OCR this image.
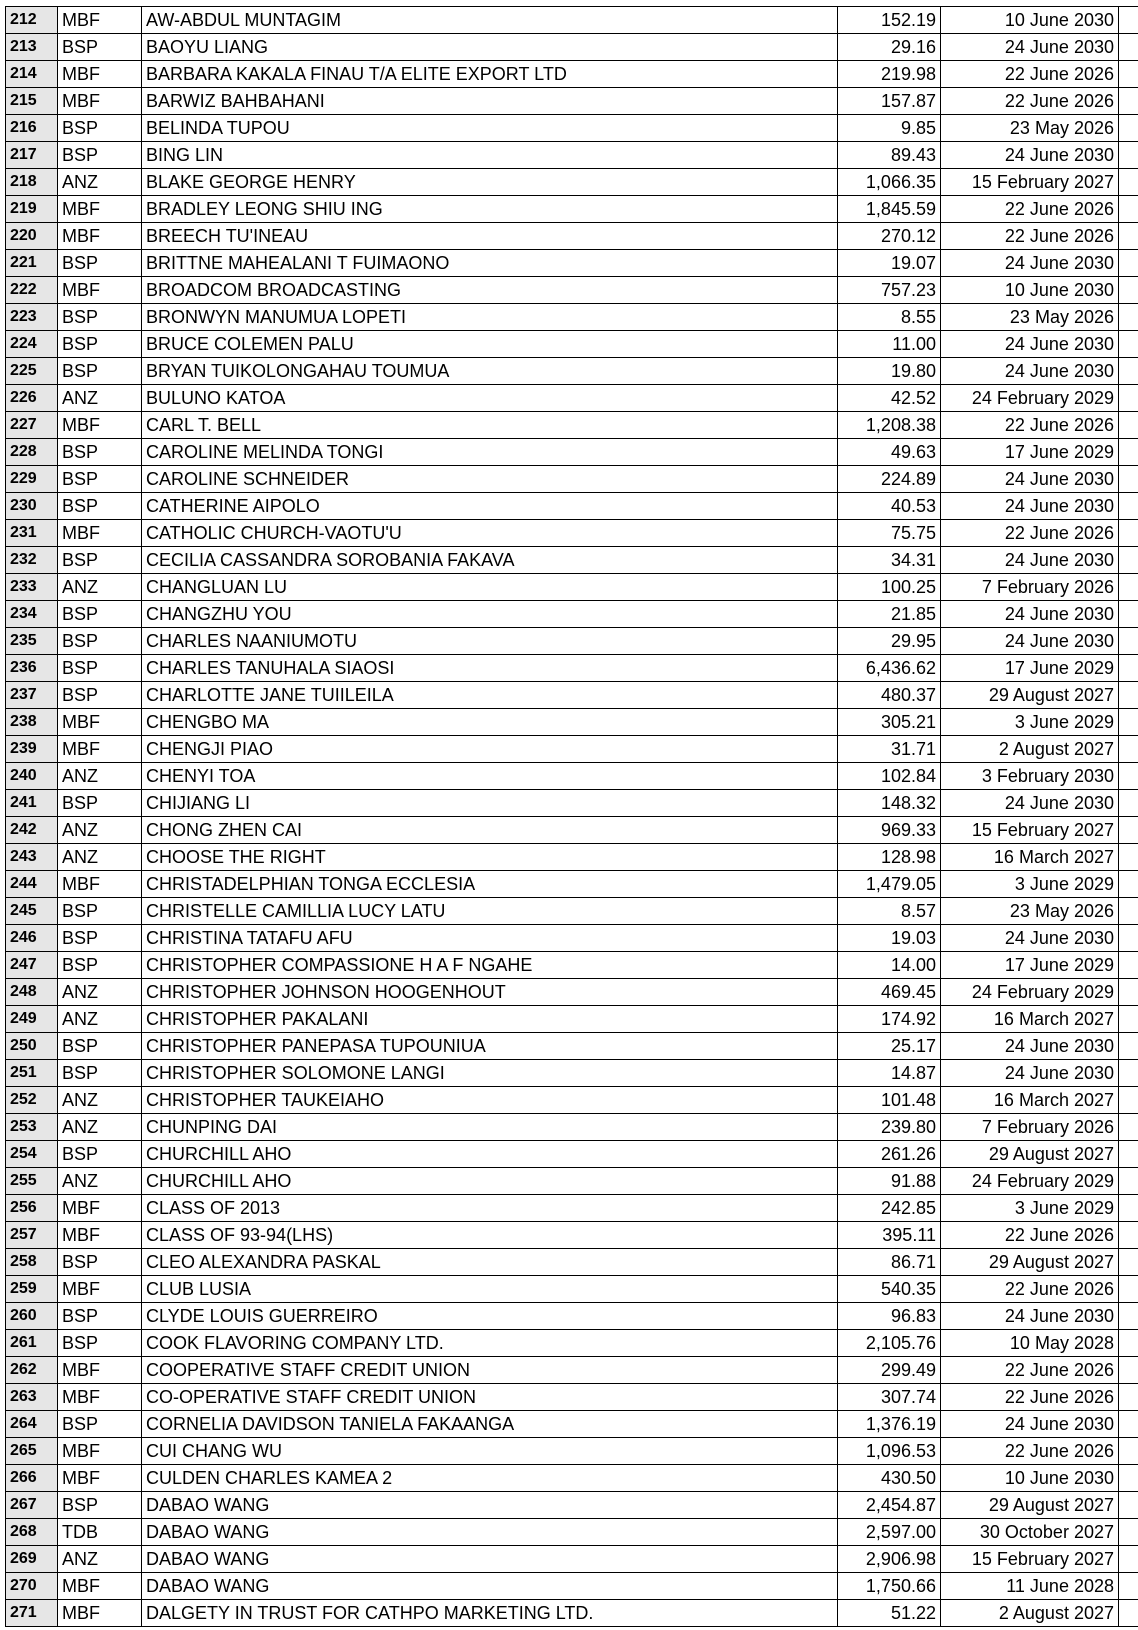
212	MBF	AW-ABDUL MUNTAGIM	152.19	10 June 2030	
213	BSP	BAOYU LIANG	29.16	24 June 2030	
214	MBF	BARBARA KAKALA FINAU T/A ELITE EXPORT LTD	219.98	22 June 2026	
215	MBF	BARWIZ BAHBAHANI	157.87	22 June 2026	
216	BSP	BELINDA TUPOU	9.85	23 May 2026	
217	BSP	BING LIN	89.43	24 June 2030	
218	ANZ	BLAKE GEORGE HENRY	1,066.35	15 February 2027	
219	MBF	BRADLEY LEONG SHIU ING	1,845.59	22 June 2026	
220	MBF	BREECH TU'INEAU	270.12	22 June 2026	
221	BSP	BRITTNE MAHEALANI T FUIMAONO	19.07	24 June 2030	
222	MBF	BROADCOM BROADCASTING	757.23	10 June 2030	
223	BSP	BRONWYN MANUMUA LOPETI	8.55	23 May 2026	
224	BSP	BRUCE COLEMEN PALU	11.00	24 June 2030	
225	BSP	BRYAN TUIKOLONGAHAU TOUMUA	19.80	24 June 2030	
226	ANZ	BULUNO KATOA	42.52	24 February 2029	
227	MBF	CARL T. BELL	1,208.38	22 June 2026	
228	BSP	CAROLINE MELINDA TONGI	49.63	17 June 2029	
229	BSP	CAROLINE SCHNEIDER	224.89	24 June 2030	
230	BSP	CATHERINE AIPOLO	40.53	24 June 2030	
231	MBF	CATHOLIC CHURCH-VAOTU'U	75.75	22 June 2026	
232	BSP	CECILIA CASSANDRA SOROBANIA FAKAVA	34.31	24 June 2030	
233	ANZ	CHANGLUAN LU	100.25	7 February 2026	
234	BSP	CHANGZHU YOU	21.85	24 June 2030	
235	BSP	CHARLES NAANIUMOTU	29.95	24 June 2030	
236	BSP	CHARLES TANUHALA SIAOSI	6,436.62	17 June 2029	
237	BSP	CHARLOTTE JANE TUIILEILA	480.37	29 August 2027	
238	MBF	CHENGBO MA	305.21	3 June 2029	
239	MBF	CHENGJI PIAO	31.71	2 August 2027	
240	ANZ	CHENYI TOA	102.84	3 February 2030	
241	BSP	CHIJIANG LI	148.32	24 June 2030	
242	ANZ	CHONG ZHEN CAI	969.33	15 February 2027	
243	ANZ	CHOOSE THE RIGHT	128.98	16 March 2027	
244	MBF	CHRISTADELPHIAN TONGA ECCLESIA	1,479.05	3 June 2029	
245	BSP	CHRISTELLE CAMILLIA LUCY LATU	8.57	23 May 2026	
246	BSP	CHRISTINA TATAFU AFU	19.03	24 June 2030	
247	BSP	CHRISTOPHER COMPASSIONE H A F NGAHE	14.00	17 June 2029	
248	ANZ	CHRISTOPHER JOHNSON HOOGENHOUT	469.45	24 February 2029	
249	ANZ	CHRISTOPHER PAKALANI	174.92	16 March 2027	
250	BSP	CHRISTOPHER PANEPASA TUPOUNIUA	25.17	24 June 2030	
251	BSP	CHRISTOPHER SOLOMONE LANGI	14.87	24 June 2030	
252	ANZ	CHRISTOPHER TAUKEIAHO	101.48	16 March 2027	
253	ANZ	CHUNPING DAI	239.80	7 February 2026	
254	BSP	CHURCHILL AHO	261.26	29 August 2027	
255	ANZ	CHURCHILL AHO	91.88	24 February 2029	
256	MBF	CLASS OF 2013	242.85	3 June 2029	
257	MBF	CLASS OF 93-94(LHS)	395.11	22 June 2026	
258	BSP	CLEO ALEXANDRA PASKAL	86.71	29 August 2027	
259	MBF	CLUB LUSIA	540.35	22 June 2026	
260	BSP	CLYDE LOUIS GUERREIRO	96.83	24 June 2030	
261	BSP	COOK FLAVORING COMPANY LTD.	2,105.76	10 May 2028	
262	MBF	COOPERATIVE STAFF CREDIT UNION	299.49	22 June 2026	
263	MBF	CO-OPERATIVE STAFF CREDIT UNION	307.74	22 June 2026	
264	BSP	CORNELIA DAVIDSON TANIELA FAKAANGA	1,376.19	24 June 2030	
265	MBF	CUI CHANG WU	1,096.53	22 June 2026	
266	MBF	CULDEN CHARLES KAMEA 2	430.50	10 June 2030	
267	BSP	DABAO WANG	2,454.87	29 August 2027	
268	TDB	DABAO WANG	2,597.00	30 October 2027	
269	ANZ	DABAO WANG	2,906.98	15 February 2027	
270	MBF	DABAO WANG	1,750.66	11 June 2028	
271	MBF	DALGETY IN TRUST FOR CATHPO MARKETING LTD.	51.22	2 August 2027	
